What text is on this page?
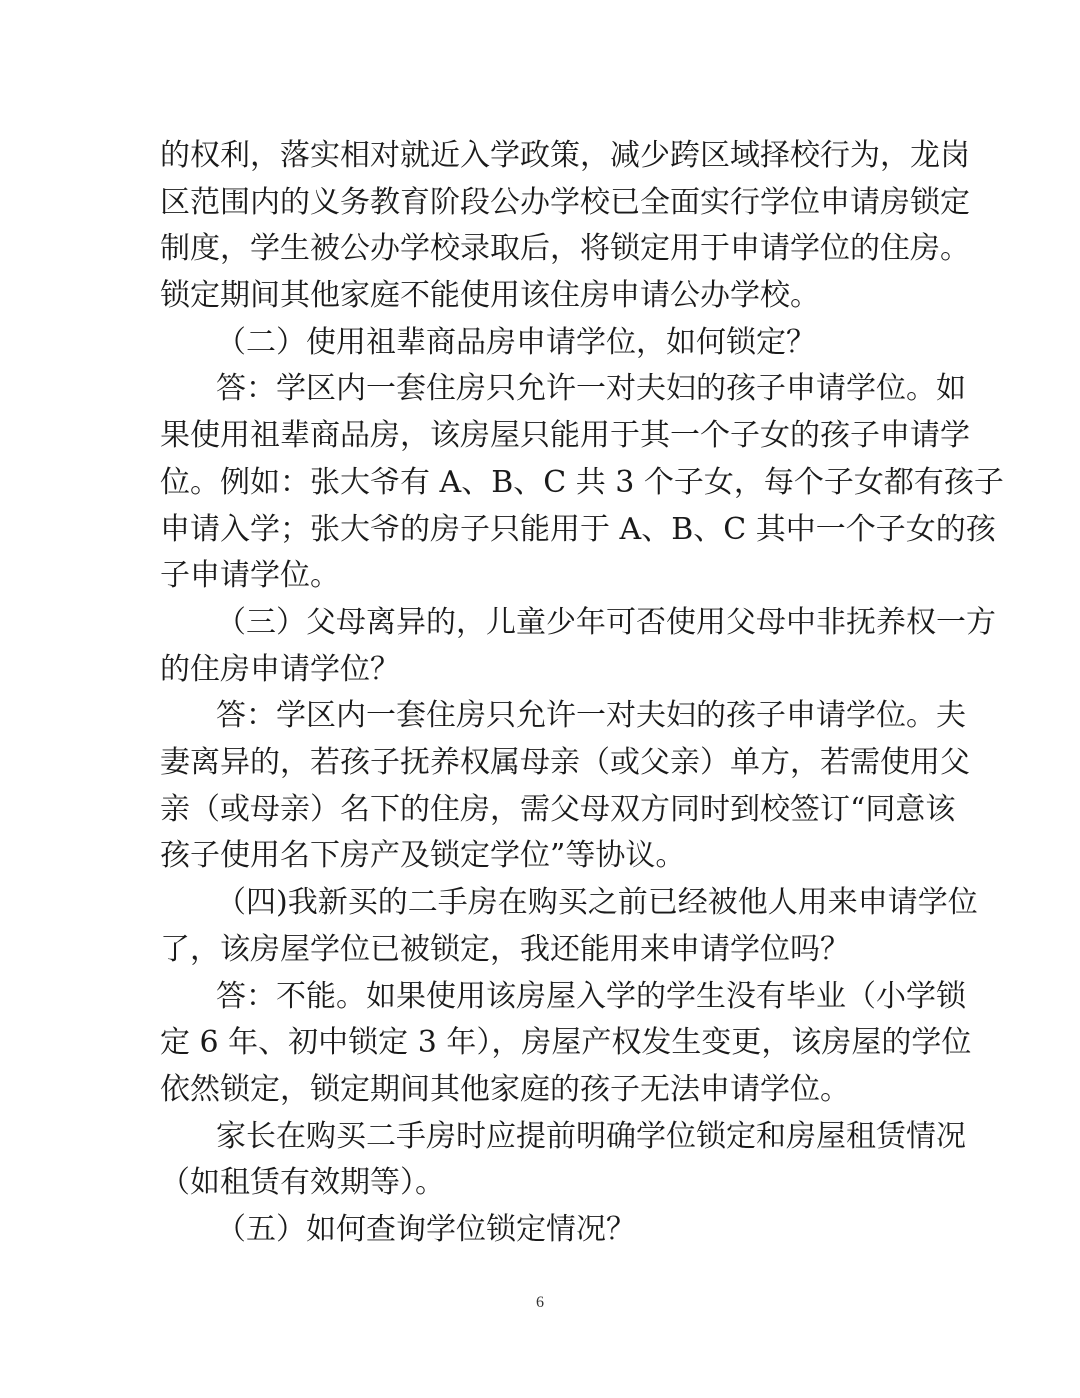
的权利，落实相对就近入学政策，减少跨区域择校行为，龙岗
区范围内的义务教育阶段公办学校已全面实行学位申请房锁定
制度，学生被公办学校录取后，将锁定用于申请学位的住房。
锁定期间其他家庭不能使用该住房申请公办学校。
（二）使用祖辈商品房申请学位，如何锁定？
答：学区内一套住房只允许一对夫妇的孩子申请学位。如
果使用祖辈商品房，该房屋只能用于其一个子女的孩子申请学
位。例如：张大爷有 A、B、C 共 3 个子女，每个子女都有孩子
申请入学；张大爷的房子只能用于 A、B、C 其中一个子女的孩
子申请学位。
（三）父母离异的，儿童少年可否使用父母中非抚养权一方
的住房申请学位？
答：学区内一套住房只允许一对夫妇的孩子申请学位。夫
妻离异的，若孩子抚养权属母亲（或父亲）单方，若需使用父
亲（或母亲）名下的住房，需父母双方同时到校签订“同意该
孩子使用名下房产及锁定学位”等协议。
（四)我新买的二手房在购买之前已经被他人用来申请学位
了，该房屋学位已被锁定，我还能用来申请学位吗？
答：不能。如果使用该房屋入学的学生没有毕业（小学锁
定 6 年、初中锁定 3 年），房屋产权发生变更，该房屋的学位
依然锁定，锁定期间其他家庭的孩子无法申请学位。
家长在购买二手房时应提前明确学位锁定和房屋租赁情况
（如租赁有效期等）。
（五）如何查询学位锁定情况？
6
